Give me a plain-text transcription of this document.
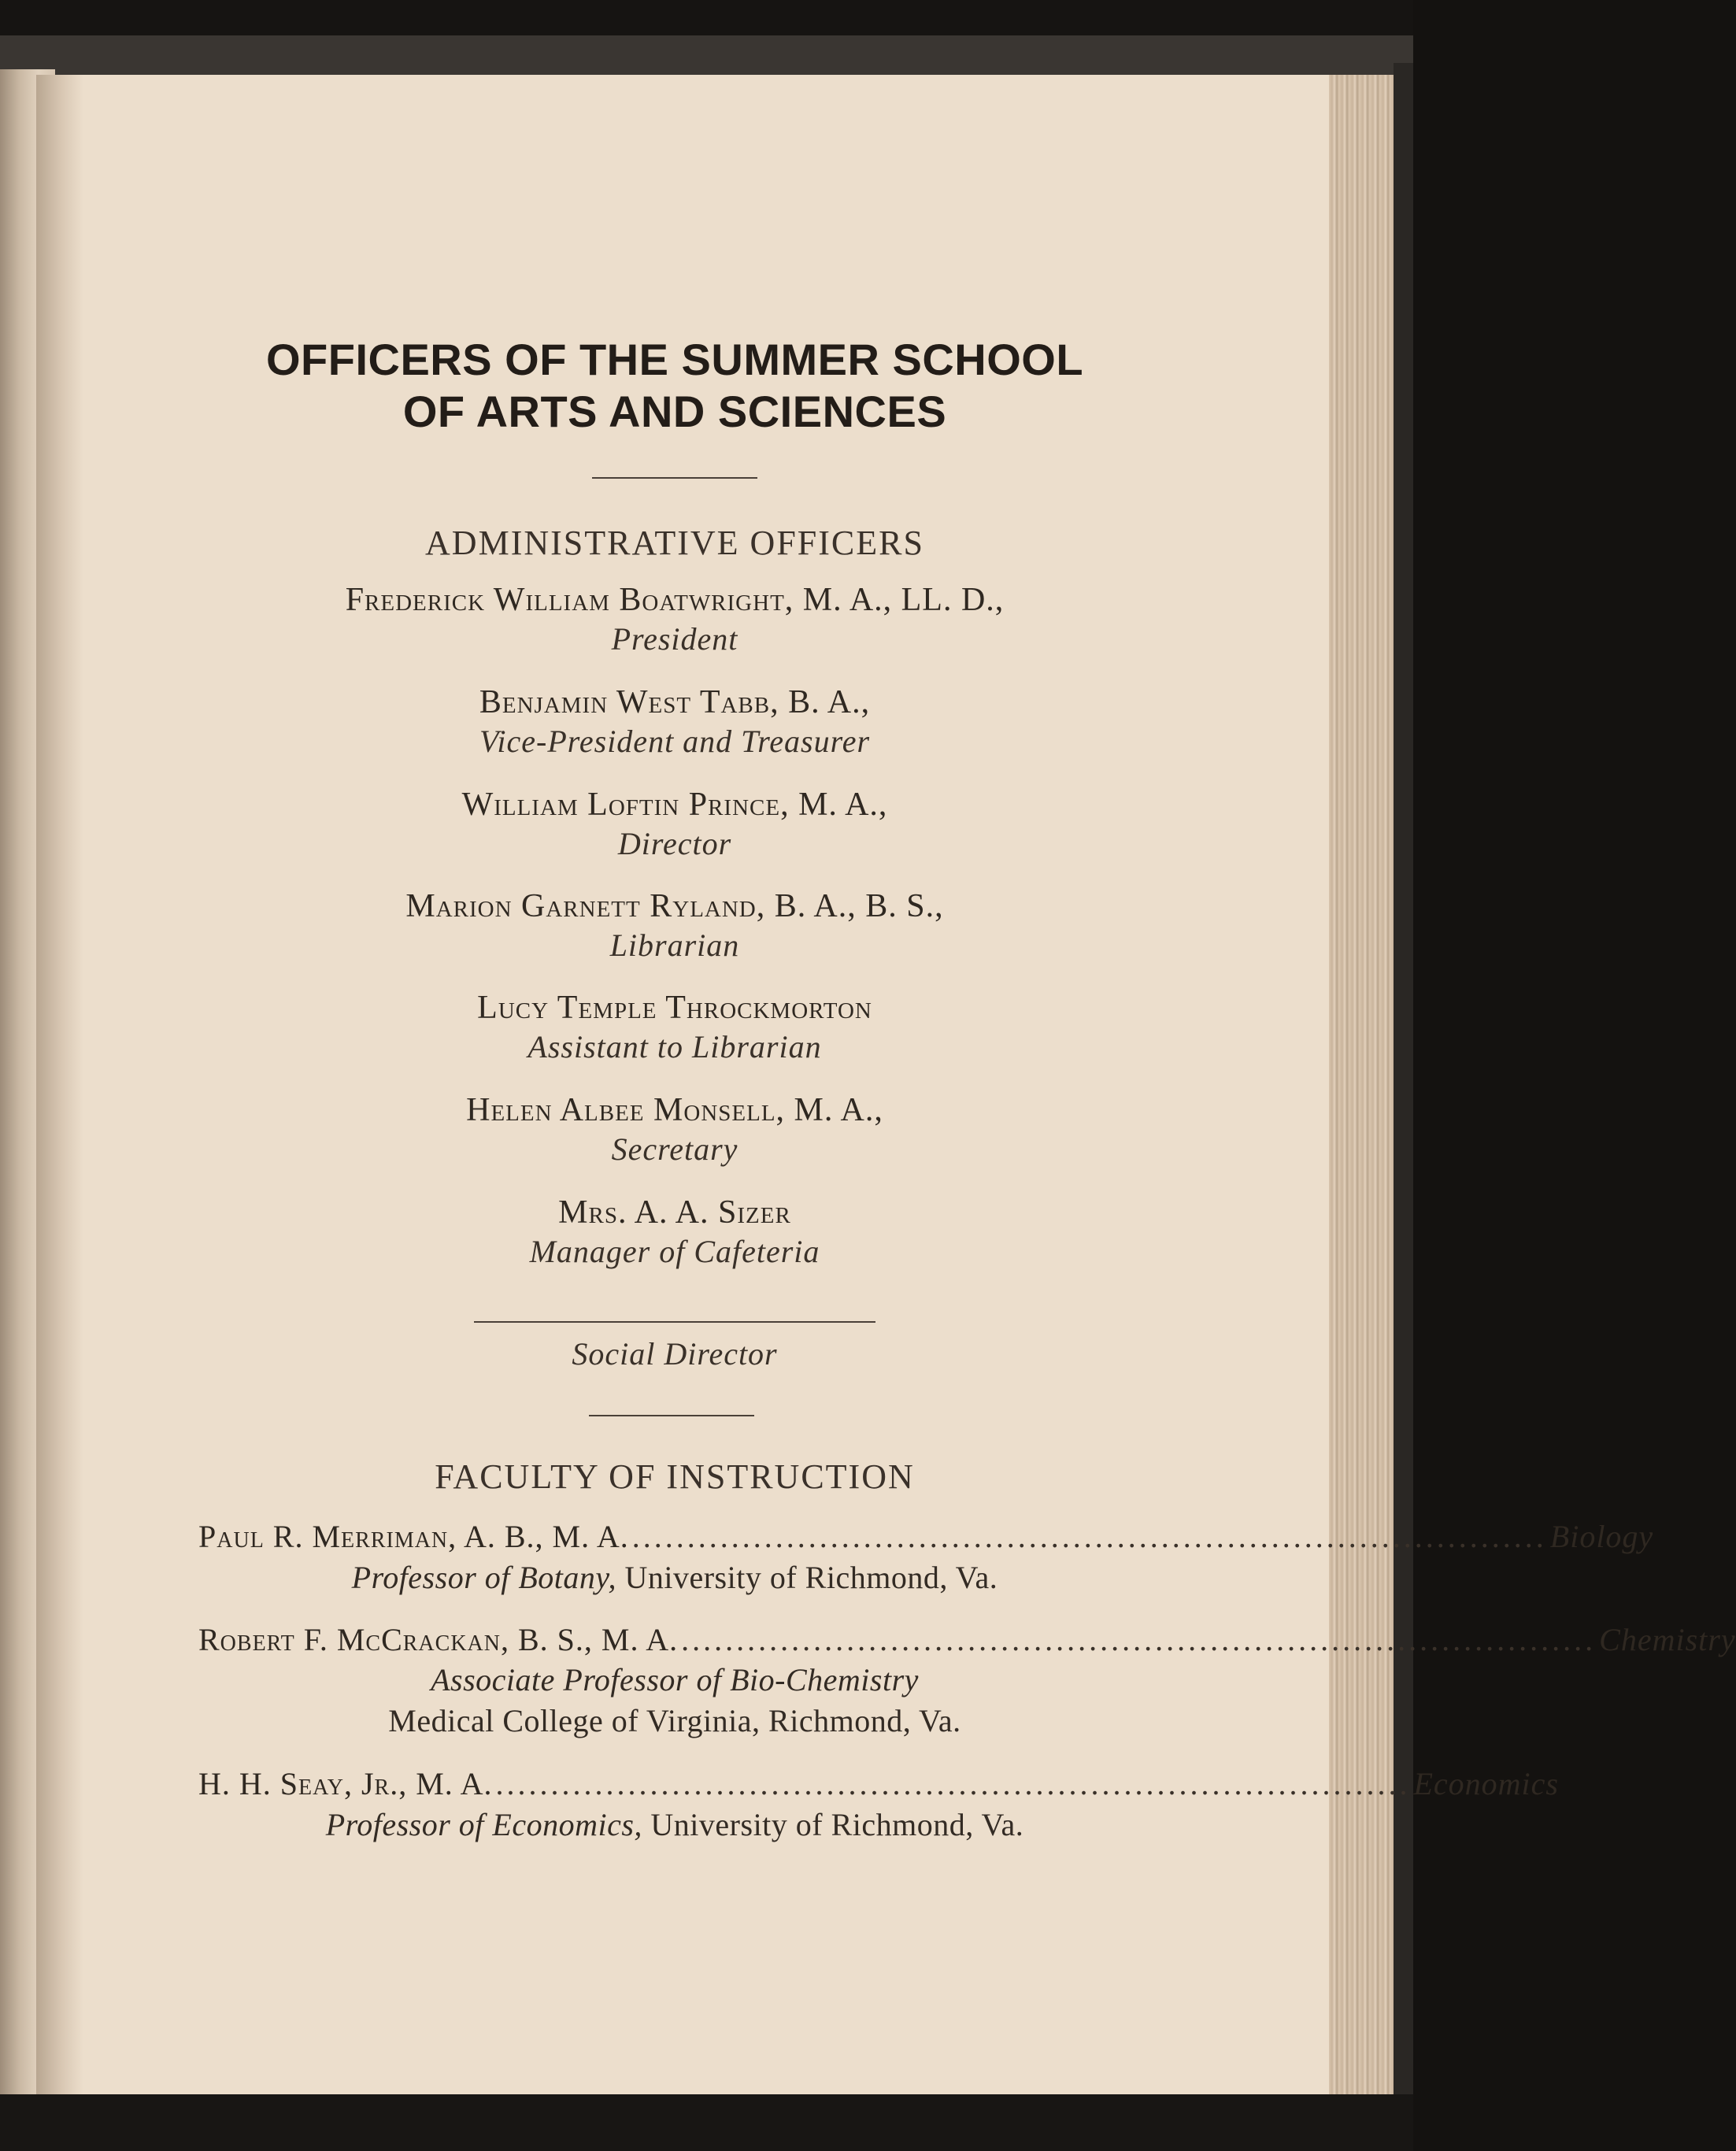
OFFICERS OF THE SUMMER SCHOOL
OF ARTS AND SCIENCES
ADMINISTRATIVE OFFICERS
Frederick William Boatwright, M. A., LL. D.,
President
Benjamin West Tabb, B. A.,
Vice-President and Treasurer
William Loftin Prince, M. A.,
Director
Marion Garnett Ryland, B. A., B. S.,
Librarian
Lucy Temple Throckmorton
Assistant to Librarian
Helen Albee Monsell, M. A.,
Secretary
Mrs. A. A. Sizer
Manager of Cafeteria
Social Director
FACULTY OF INSTRUCTION
Paul R. Merriman, A. B., M. A. ................................................................................... Biology
Professor of Botany, University of Richmond, Va.
Robert F. McCrackan, B. S., M. A. ................................................................................... Chemistry
Associate Professor of Bio-Chemistry
Medical College of Virginia, Richmond, Va.
H. H. Seay, Jr., M. A. ................................................................................... Economics
Professor of Economics, University of Richmond, Va.
